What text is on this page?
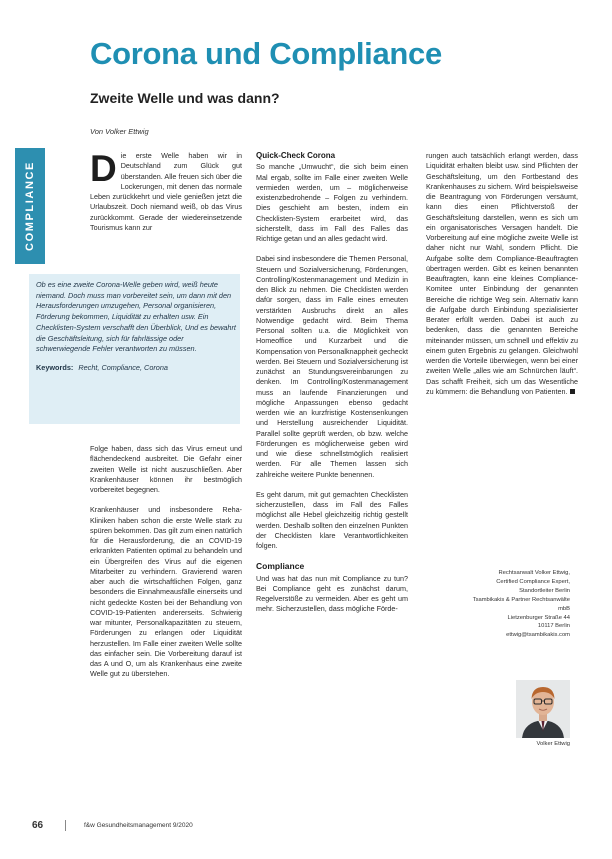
Corona und Compliance
Zweite Welle und was dann?
Von Volker Ettwig
COMPLIANCE Die erste Welle haben wir in Deutschland zum Glück gut überstanden. Alle freuen sich über die Lockerungen, mit denen das normale Leben zurückkehrt und viele genießen jetzt die Urlaubszeit. Doch niemand weiß, ob das Virus zurückkommt. Gerade der wiedereinsetzende Tourismus kann zur

Ob es eine zweite Corona-Welle geben wird, weiß heute niemand. Doch muss man vorbereitet sein, um dann mit den Herausforderungen umzugehen, Personal organisieren, Förderung bekommen, Liquidität zu erhalten usw. Ein Checklisten-System verschafft den Überblick, Und es bewahrt die Geschäftsleitung, sich für fahrlässige oder schwerwiegende Fehler verantworten zu müssen.

Keywords: Recht, Compliance, Corona

Folge haben, dass sich das Virus erneut und flächendeckend ausbreitet. Die Gefahr einer zweiten Welle ist nicht auszuschließen. Aber Krankenhäuser können ihr bestmöglich vorbereitet begegnen.

Krankenhäuser und insbesondere Reha-Kliniken haben schon die erste Welle stark zu spüren bekommen. Das gilt zum einen natürlich für die Herausforderung, die an COVID-19 erkrankten Patienten optimal zu behandeln und ein Übergreifen des Virus auf die eigenen Mitarbeiter zu verhindern. Gravierend waren aber auch die wirtschaftlichen Folgen, ganz besonders die Einnahmeausfälle einerseits und nicht gedeckte Kosten bei der Behandlung von COVID-19-Patienten andererseits. Schwierig war mitunter, Personalkapazitäten zu steuern, Förderungen zu erlangen oder Liquidität herzustellen. Im Falle einer zweiten Welle sollte das einfacher sein. Die Vorbereitung darauf ist das A und O, um als Krankenhaus eine zweite Welle gut zu überstehen.

Quick-Check Corona

So manche „Umwucht“, die sich beim einen Mal ergab, sollte im Falle einer zweiten Welle vermieden werden, um – möglicherweise existenzbedrohende – Folgen zu verhindern. Dies geschieht am besten, indem ein Checklisten-System erarbeitet wird, das sicherstellt, dass im Fall des Falles das Richtige getan und an alles gedacht wird.

Dabei sind insbesondere die Themen Personal, Steuern und Sozialversicherung, Förderungen, Controlling/Kostenmanagement und Medizin in den Blick zu nehmen. Die Checklisten werden dafür sorgen, dass im Falle eines erneuten verstärkten Ausbruchs direkt an alles Notwendige gedacht wird. Beim Thema Personal sollten u.a. die Möglichkeit von Homeoffice und Kurzarbeit und die Kompensation von Personalknappheit gecheckt werden. Bei Steuern und Sozialversicherung ist zunächst an Stundungsvereinbarungen zu denken. Im Controlling/Kostenmanagement muss an laufende Finanzierungen und mögliche Anpassungen ebenso gedacht werden wie an kurzfristige Kostensenkungen und Herstellung ausreichender Liquidität. Parallel sollte geprüft werden, ob bzw. welche Förderungen es möglicherweise geben wird und wie diese schnellstmöglich realisiert werden. Für alle Themen lassen sich zahlreiche weitere Punkte benennen.

Es geht darum, mit gut gemachten Checklisten sicherzustellen, dass im Fall des Falles möglichst alle Hebel gleichzeitig richtig gestellt werden. Deshalb sollten den einzelnen Punkten der Checklisten klare Verantwortlichkeiten folgen.

Compliance

Und was hat das nun mit Compliance zu tun? Bei Compliance geht es zunächst darum, Regelverstöße zu vermeiden. Aber es geht um mehr. Sicherzustellen, dass mögliche Förde-

rungen auch tatsächlich erlangt werden, dass Liquidität erhalten bleibt usw. sind Pflichten der Geschäftsleitung, um den Fortbestand des Krankenhauses zu sichern. Wird beispielsweise die Beantragung von Förderungen versäumt, kann dies einen Pflichtverstoß der Geschäftsleitung darstellen, wenn es sich um ein organisatorisches Versagen handelt. Die Vorbereitung auf eine mögliche zweite Welle ist daher nicht nur Wahl, sondern Pflicht. Die Aufgabe sollte dem Compliance-Beauftragten übertragen werden. Gibt es keinen benannten Beauftragten, kann eine kleines Compliance-Komitee unter Einbindung der genannten Bereiche die richtige Weg sein. Alternativ kann die Aufgabe durch Einbindung spezialisierter Berater erfüllt werden. Dabei ist auch zu bedenken, dass die genannten Bereiche miteinander müssen, um schnell und effektiv zu einem guten Ergebnis zu gelangen. Gleichwohl werden die Vorteile überwiegen, wenn bei einer zweiten Welle „alles wie am Schnürchen läuft“. Das schafft Freiheit, sich um das Wesentliche zu kümmern: die Behandlung von Patienten.

Rechtsanwalt Volker Ettwig,
Certified Compliance Expert,
Standortleiter Berlin
Tsambikakis & Partner Rechtsanwälte mbB
Lietzenburger Straße 44
10117 Berlin
ettwig@tsambikakis.com
Volker Ettwig
66	f&w Gesundheitsmanagement 9/2020
